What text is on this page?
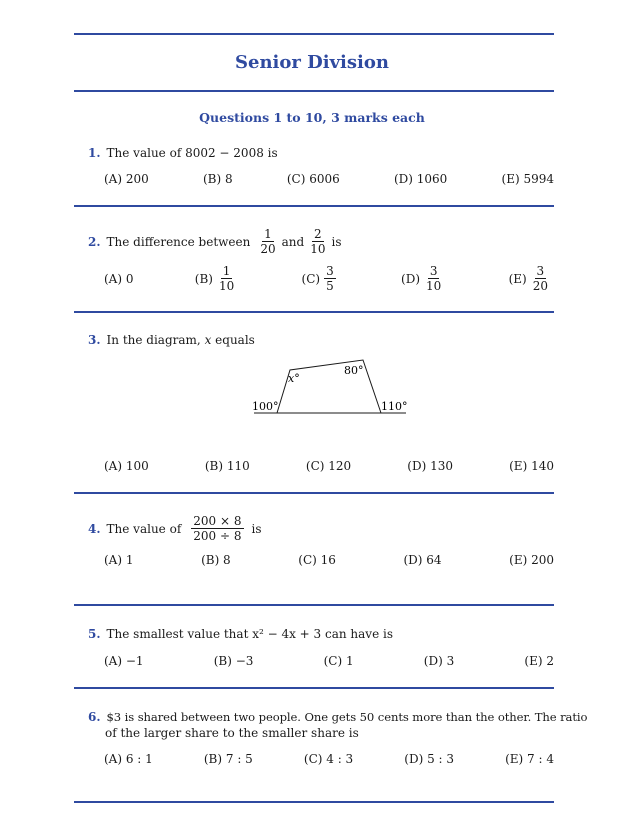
Senior Division
Questions 1 to 10, 3 marks each
1. The value of 8002 − 2008 is
(A) 200	(B) 8	(C) 6006	(D) 1060	(E) 5994
2. The difference between $\frac{1}{20}$ and $\frac{2}{10}$ is
(A) 0	$(B) \frac{1}{10}$	$(C) \frac{3}{5}$	$(D) \frac{3}{10}$	$(E) \frac{3}{20}$
3. In the diagram, x equals
x°
80°
100°	110°
(A) 100	(B) 110	(C) 120	(D) 130	(E) 140
4. The value of $\frac{200 \times 8}{200 \div 8}$ is
(A) 1	(B) 8	(C) 16	(D) 64	(E) 200
5. The smallest value that x² − 4x + 3 can have is
(A) −1	(B) −3	(C) 1	(D) 3	(E) 2
6. $3 is shared between two people. One gets 50 cents more than the other. The ratio
of the larger share to the smaller share is
(A) 6 : 1	(B) 7 : 5	(C) 4 : 3	(D) 5 : 3	(E) 7 : 4
